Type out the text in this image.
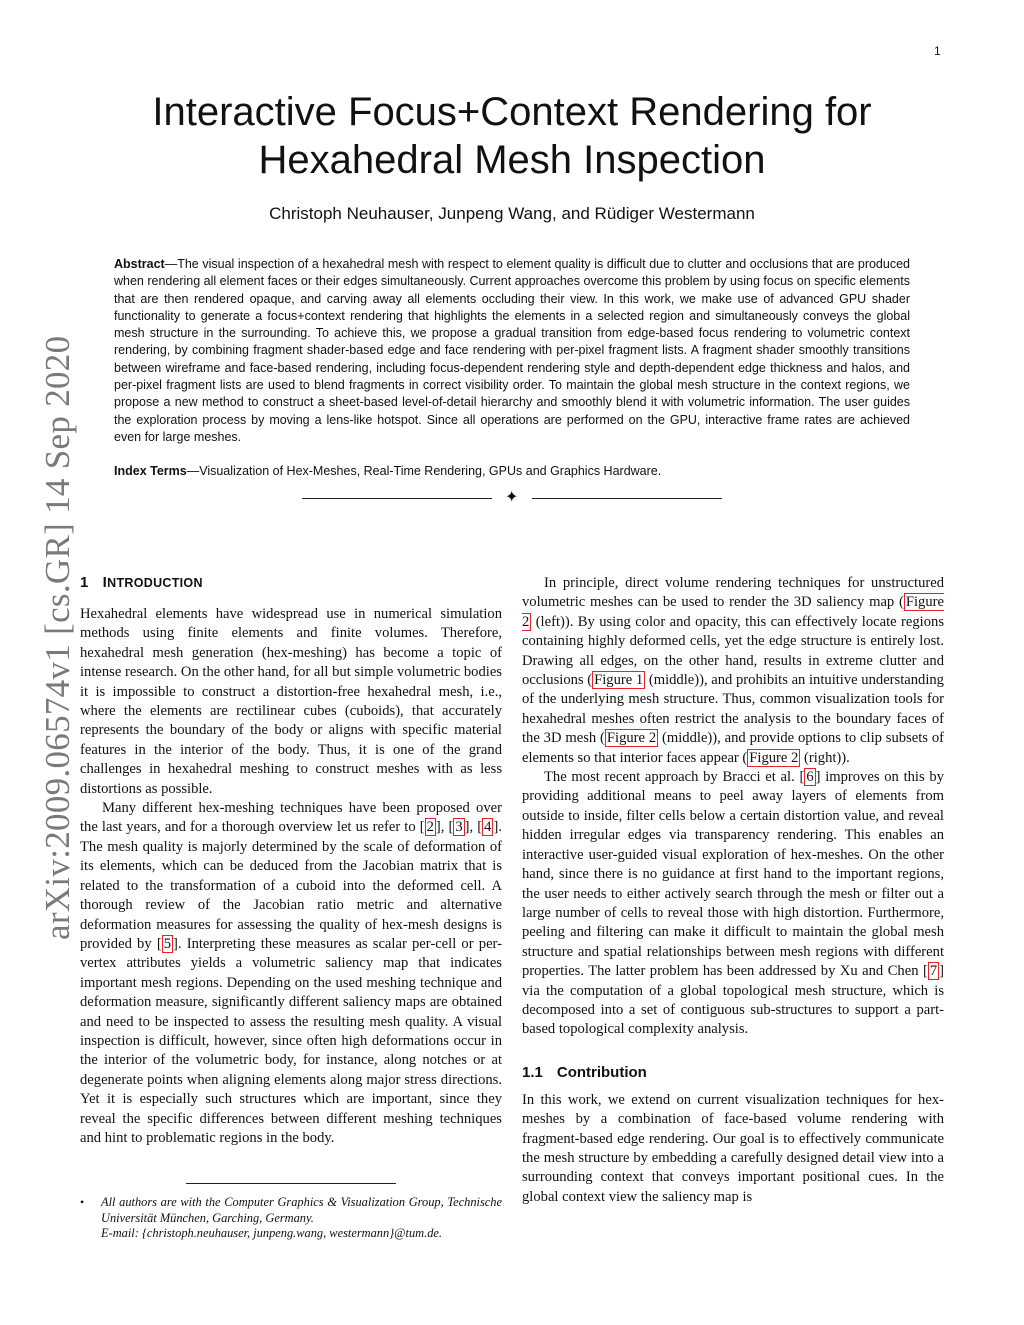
1
arXiv:2009.06574v1 [cs.GR] 14 Sep 2020
Interactive Focus+Context Rendering for
Hexahedral Mesh Inspection
Christoph Neuhauser, Junpeng Wang, and Rüdiger Westermann

Abstract—The visual inspection of a hexahedral mesh with respect to element quality is difficult due to clutter and occlusions that are produced when rendering all element faces or their edges simultaneously. Current approaches overcome this problem by using focus on specific elements that are then rendered opaque, and carving away all elements occluding their view. In this work, we make use of advanced GPU shader functionality to generate a focus+context rendering that highlights the elements in a selected region and simultaneously conveys the global mesh structure in the surrounding. To achieve this, we propose a gradual transition from edge-based focus rendering to volumetric context rendering, by combining fragment shader-based edge and face rendering with per-pixel fragment lists. A fragment shader smoothly transitions between wireframe and face-based rendering, including focus-dependent rendering style and depth-dependent edge thickness and halos, and per-pixel fragment lists are used to blend fragments in correct visibility order. To maintain the global mesh structure in the context regions, we propose a new method to construct a sheet-based level-of-detail hierarchy and smoothly blend it with volumetric information. The user guides the exploration process by moving a lens-like hotspot. Since all operations are performed on the GPU, interactive frame rates are achieved even for large meshes.

Index Terms—Visualization of Hex-Meshes, Real-Time Rendering, GPUs and Graphics Hardware.

✦
1 INTRODUCTION

Hexahedral elements have widespread use in numerical simulation methods using finite elements and finite volumes. Therefore, hexahedral mesh generation (hex-meshing) has become a topic of intense research. On the other hand, for all but simple volumetric bodies it is impossible to construct a distortion-free hexahedral mesh, i.e., where the elements are rectilinear cubes (cuboids), that accurately represents the boundary of the body or aligns with specific material features in the interior of the body. Thus, it is one of the grand challenges in hexahedral meshing to construct meshes with as less distortions as possible.

Many different hex-meshing techniques have been proposed over the last years, and for a thorough overview let us refer to [ 2 ], [ 3 ], [ 4 ]. The mesh quality is majorly determined by the scale of deformation of its elements, which can be deduced from the Jacobian matrix that is related to the transformation of a cuboid into the deformed cell. A thorough review of the Jacobian ratio metric and alternative deformation measures for assessing the quality of hex-mesh designs is provided by [ 5 ]. Interpreting these measures as scalar per-cell or per-vertex attributes yields a volumetric saliency map that indicates important mesh regions. Depending on the used meshing technique and deformation measure, significantly different saliency maps are obtained and need to be inspected to assess the resulting mesh quality. A visual inspection is difficult, however, since often high deformations occur in the interior of the volumetric body, for instance, along notches or at degenerate points when aligning elements along major stress directions. Yet it is especially such structures which are important, since they reveal the specific differences between different meshing techniques and hint to problematic regions in the body.

In principle, direct volume rendering techniques for unstructured volumetric meshes can be used to render the 3D saliency map ( Figure 2 (left)). By using color and opacity, this can effectively locate regions containing highly deformed cells, yet the edge structure is entirely lost. Drawing all edges, on the other hand, results in extreme clutter and occlusions ( Figure 1 (middle)), and prohibits an intuitive understanding of the underlying mesh structure. Thus, common visualization tools for hexahedral meshes often restrict the analysis to the boundary faces of the 3D mesh ( Figure 2 (middle)), and provide options to clip subsets of elements so that interior faces appear ( Figure 2 (right)).

The most recent approach by Bracci et al. [ 6 ] improves on this by providing additional means to peel away layers of elements from outside to inside, filter cells below a certain distortion value, and reveal hidden irregular edges via transparency rendering. This enables an interactive user-guided visual exploration of hex-meshes. On the other hand, since there is no guidance at first hand to the important regions, the user needs to either actively search through the mesh or filter out a large number of cells to reveal those with high distortion. Furthermore, peeling and filtering can make it difficult to maintain the global mesh structure and spatial relationships between mesh regions with different properties. The latter problem has been addressed by Xu and Chen [ 7 ] via the computation of a global topological mesh structure, which is decomposed into a set of contiguous sub-structures to support a part-based topological complexity analysis.

1.1 Contribution

In this work, we extend on current visualization techniques for hex-meshes by a combination of face-based volume rendering with fragment-based edge rendering. Our goal is to effectively communicate the mesh structure by embedding a carefully designed detail view into a surrounding context that conveys important positional cues. In the global context view the saliency map is

• All authors are with the Computer Graphics & Visualization Group, Technische Universität München, Garching, Germany.
E-mail: {christoph.neuhauser, junpeng.wang, westermann}@tum.de.
